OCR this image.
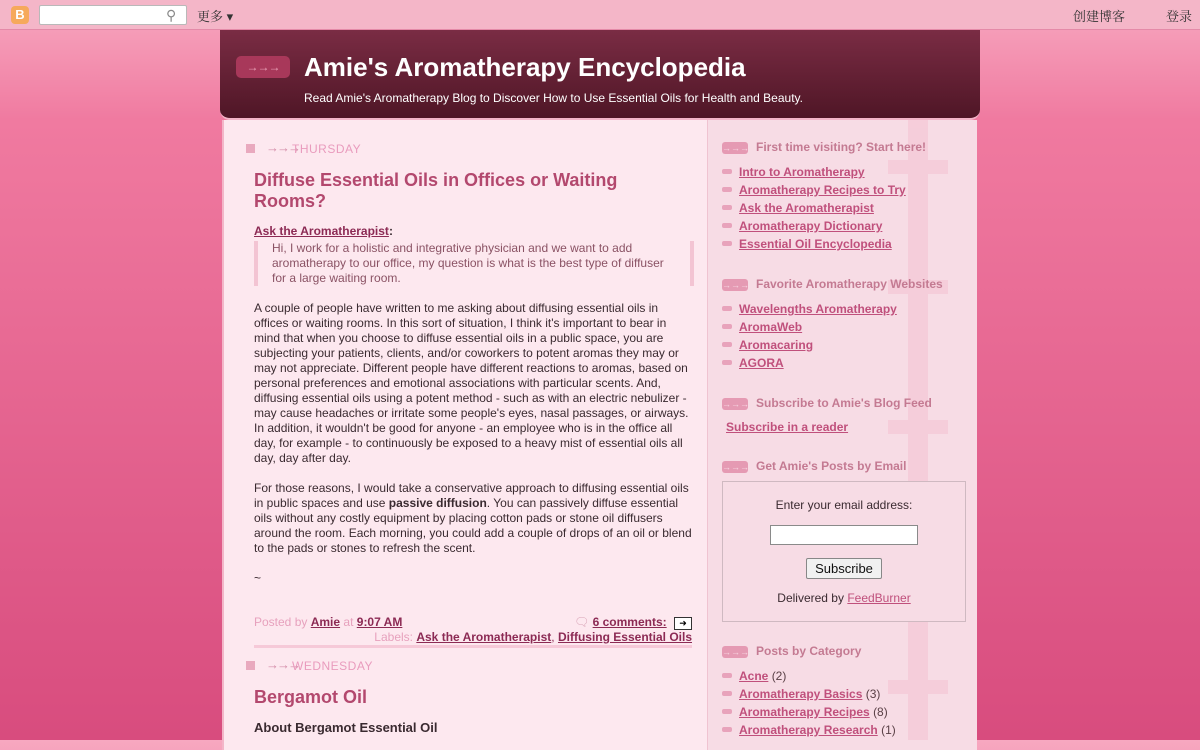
B	⚲	更多 ▾	创建博客	登录
→→→ Amie's Aromatherapy Encyclopedia
Read Amie's Aromatherapy Blog to Discover How to Use Essential Oils for Health and Beauty.
→→→
THURSDAY
Diffuse Essential Oils in Offices or Waiting Rooms?
Ask the Aromatherapist:
Hi, I work for a holistic and integrative physician and we want to add aromatherapy to our office, my question is what is the best type of diffuser for a large waiting room.

A couple of people have written to me asking about diffusing essential oils in offices or waiting rooms. In this sort of situation, I think it's important to bear in mind that when you choose to diffuse essential oils in a public space, you are subjecting your patients, clients, and/or coworkers to potent aromas they may or may not appreciate. Different people have different reactions to aromas, based on personal preferences and emotional associations with particular scents. And, diffusing essential oils using a potent method - such as with an electric nebulizer - may cause headaches or irritate some people's eyes, nasal passages, or airways. In addition, it wouldn't be good for anyone - an employee who is in the office all day, for example - to continuously be exposed to a heavy mist of essential oils all day, day after day.

For those reasons, I would take a conservative approach to diffusing essential oils in public spaces and use passive diffusion. You can passively diffuse essential oils without any costly equipment by placing cotton pads or stone oil diffusers around the room. Each morning, you could add a couple of drops of an oil or blend to the pads or stones to refresh the scent.

~
Posted by Amie at 9:07 AM	🗨 6 comments: ➜
Labels: Ask the Aromatherapist, Diffusing Essential Oils
→→→
WEDNESDAY
Bergamot Oil
About Bergamot Essential Oil
→→→ First time visiting? Start here!
Intro to Aromatherapy
Aromatherapy Recipes to Try
Ask the Aromatherapist
Aromatherapy Dictionary
Essential Oil Encyclopedia
→→→ Favorite Aromatherapy Websites
Wavelengths Aromatherapy
AromaWeb
Aromacaring
AGORA
→→→ Subscribe to Amie's Blog Feed
Subscribe in a reader
→→→ Get Amie's Posts by Email
Enter your email address:
Subscribe
Delivered by FeedBurner
→→→ Posts by Category
Acne (2)
Aromatherapy Basics (3)
Aromatherapy Recipes (8)
Aromatherapy Research (1)
